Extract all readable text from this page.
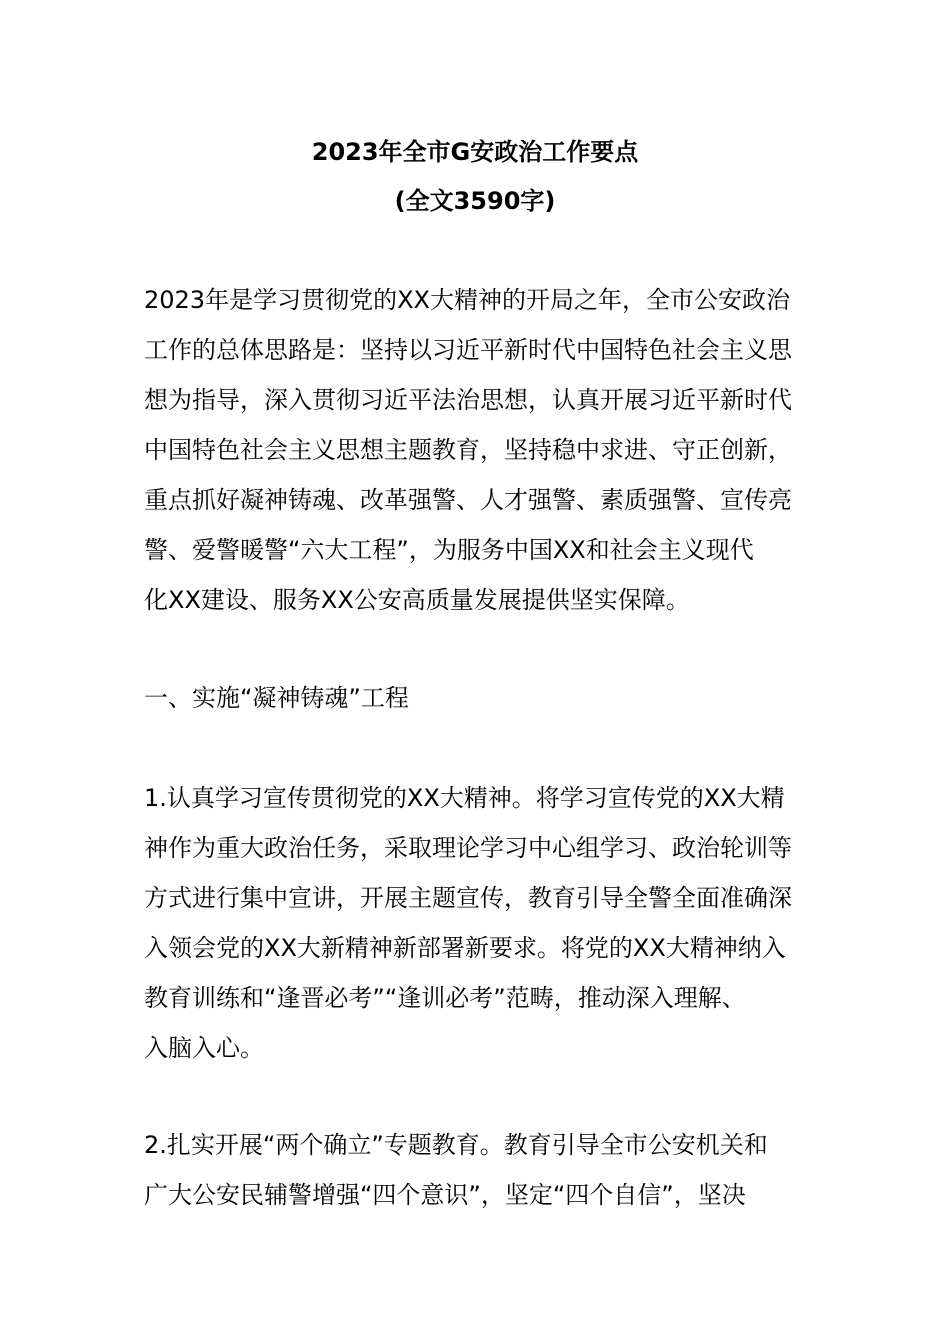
2023年全市G安政治工作要点
(全文3590字)
2023年是学习贯彻党的XX大精神的开局之年，全市公安政治
工作的总体思路是：坚持以习近平新时代中国特色社会主义思
想为指导，深入贯彻习近平法治思想，认真开展习近平新时代
中国特色社会主义思想主题教育，坚持稳中求进、守正创新，
重点抓好凝神铸魂、改革强警、人才强警、素质强警、宣传亮
警、爱警暖警“六大工程”，为服务中国XX和社会主义现代
化XX建设、服务XX公安高质量发展提供坚实保障。
一、实施“凝神铸魂”工程
1.认真学习宣传贯彻党的XX大精神。将学习宣传党的XX大精
神作为重大政治任务，采取理论学习中心组学习、政治轮训等
方式进行集中宣讲，开展主题宣传，教育引导全警全面准确深
入领会党的XX大新精神新部署新要求。将党的XX大精神纳入
教育训练和“逢晋必考”“逢训必考”范畴，推动深入理解、
入脑入心。
2.扎实开展“两个确立”专题教育。教育引导全市公安机关和
广大公安民辅警增强“四个意识”，坚定“四个自信”，坚决
